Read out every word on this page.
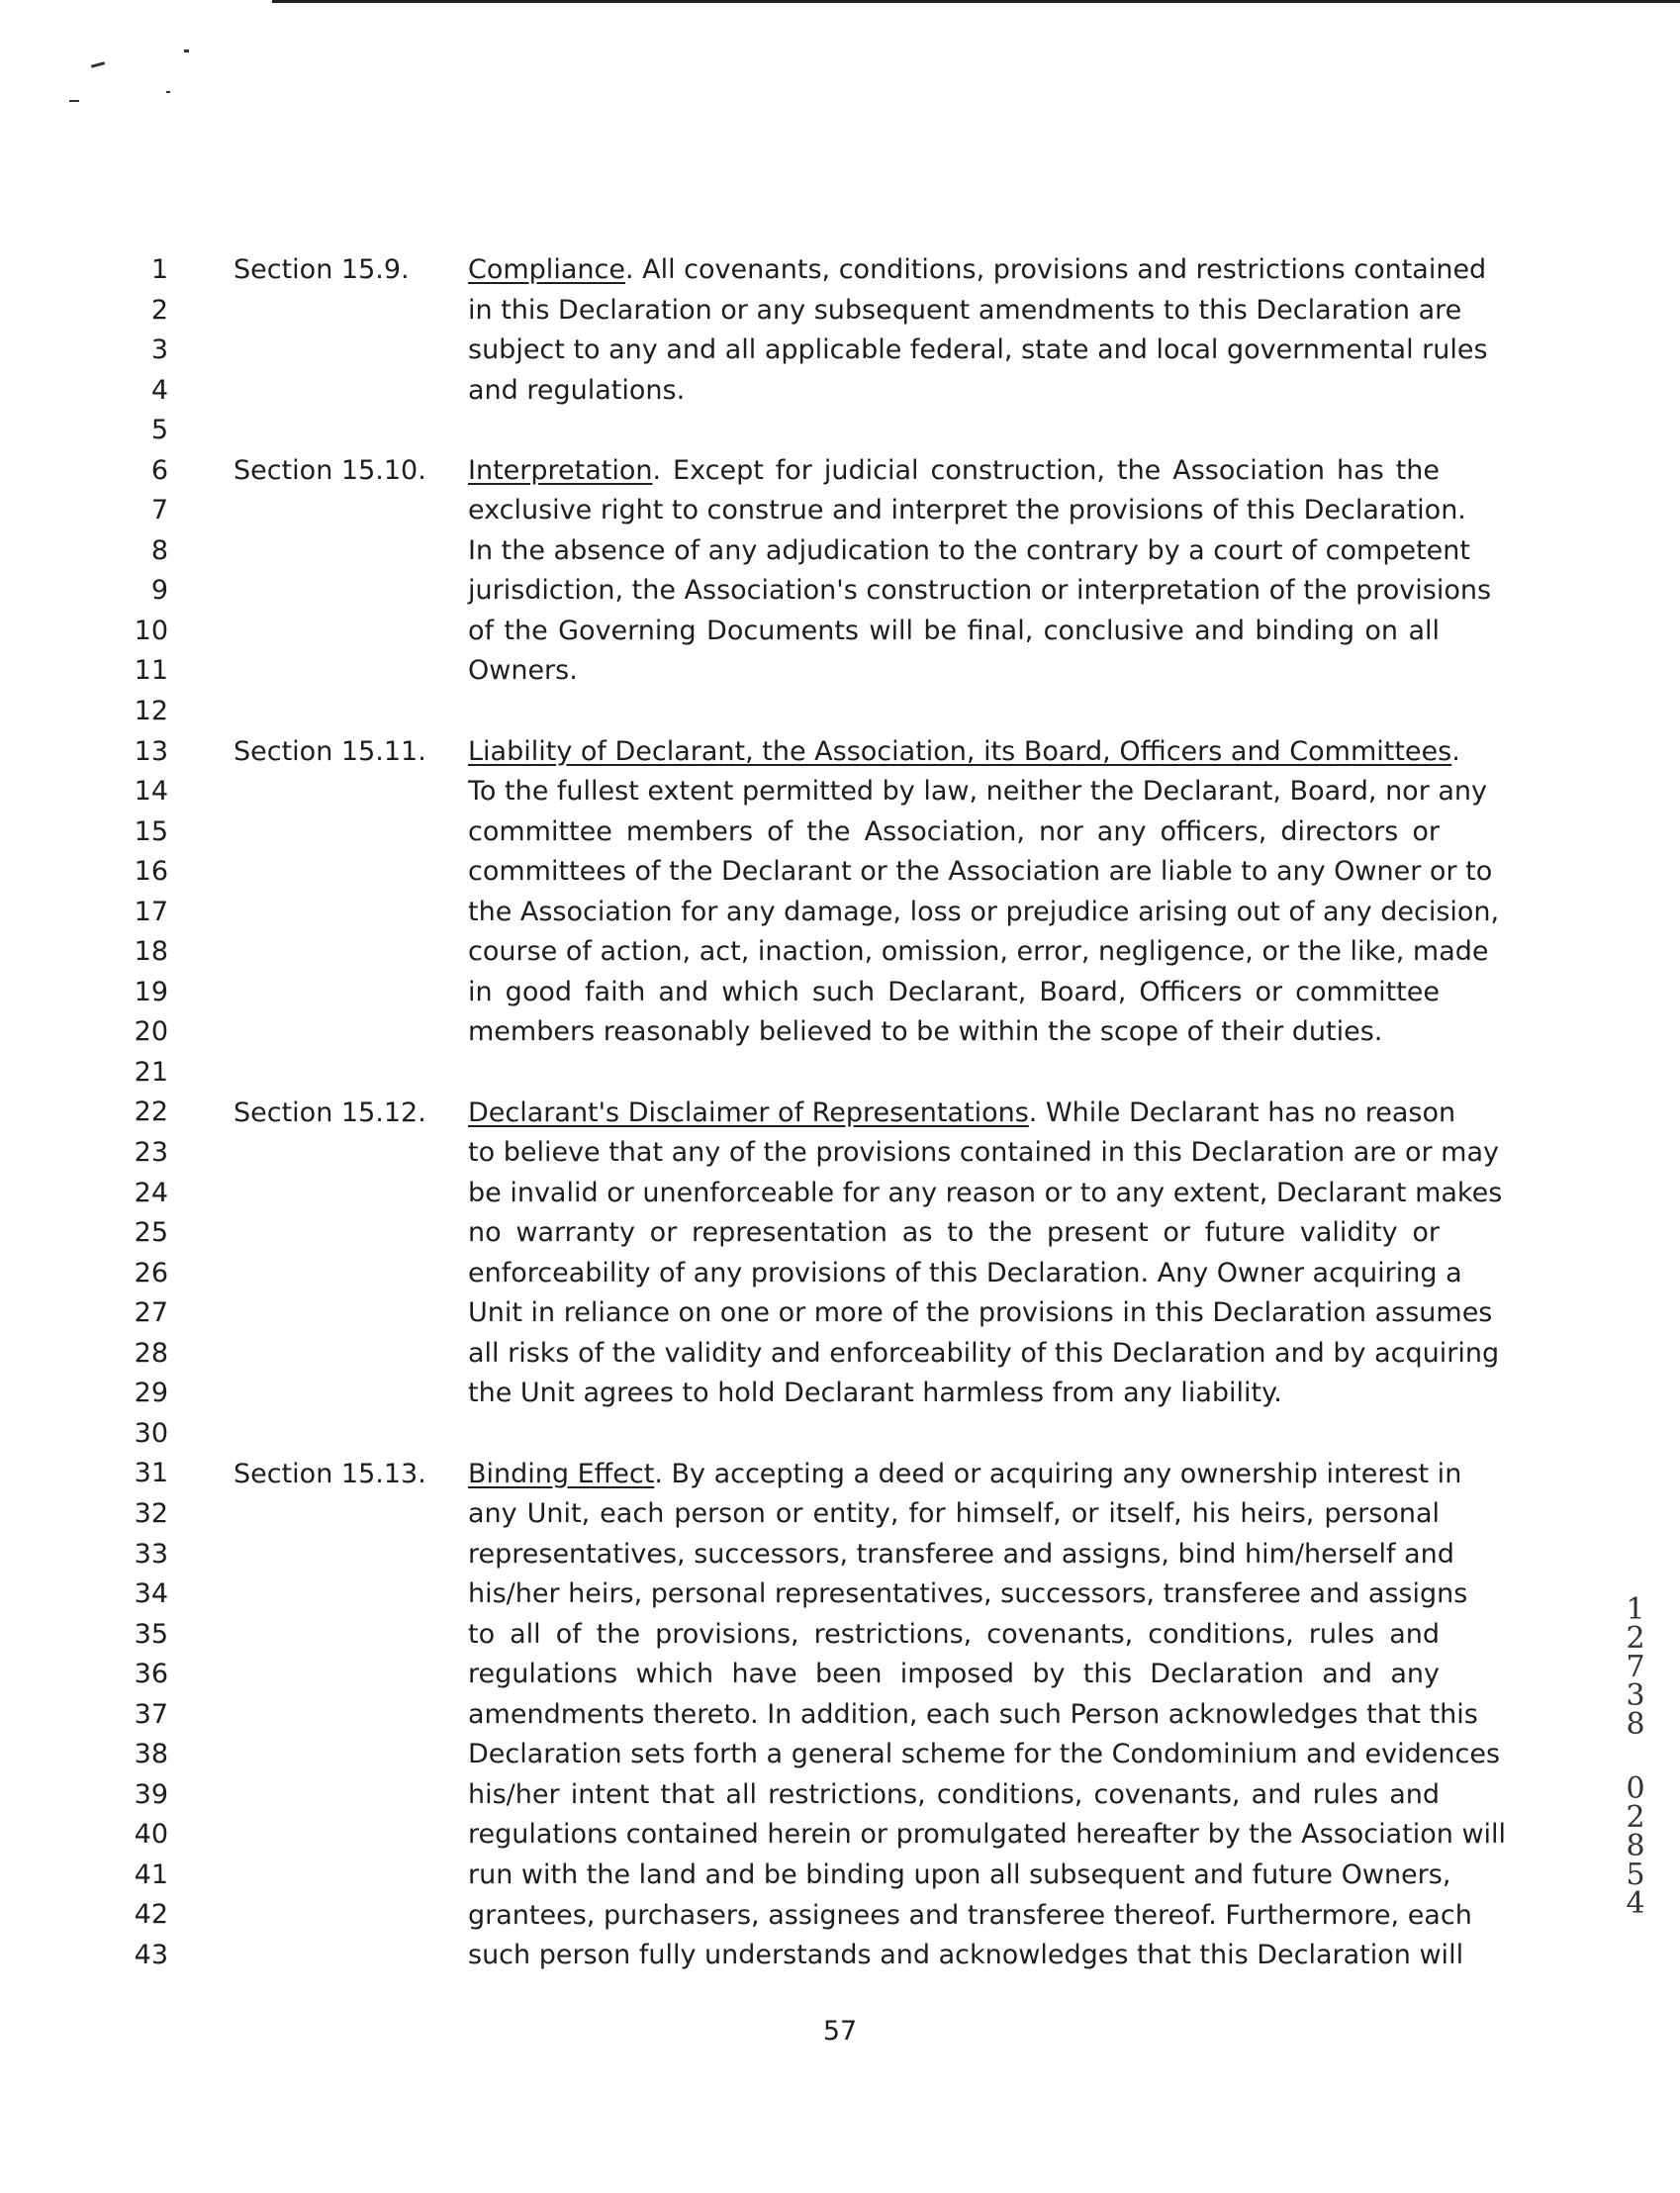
1
2
3
4
5
6
7
8
9
10
11
12
13
14
15
16
17
18
19
20
21
22
23
24
25
26
27
28
29
30
31
32
33
34
35
36
37
38
39
40
41
42
43
Section 15.9. Compliance. All covenants, conditions, provisions and restrictions contained
in this Declaration or any subsequent amendments to this Declaration are
subject to any and all applicable federal, state and local governmental rules
and regulations.
Section 15.10. Interpretation. Except for judicial construction, the Association has the
exclusive right to construe and interpret the provisions of this Declaration.
In the absence of any adjudication to the contrary by a court of competent
jurisdiction, the Association's construction or interpretation of the provisions
of the Governing Documents will be final, conclusive and binding on all
Owners.
Section 15.11. Liability of Declarant, the Association, its Board, Officers and Committees.
To the fullest extent permitted by law, neither the Declarant, Board, nor any
committee members of the Association, nor any officers, directors or
committees of the Declarant or the Association are liable to any Owner or to
the Association for any damage, loss or prejudice arising out of any decision,
course of action, act, inaction, omission, error, negligence, or the like, made
in good faith and which such Declarant, Board, Officers or committee
members reasonably believed to be within the scope of their duties.
Section 15.12. Declarant's Disclaimer of Representations. While Declarant has no reason
to believe that any of the provisions contained in this Declaration are or may
be invalid or unenforceable for any reason or to any extent, Declarant makes
no warranty or representation as to the present or future validity or
enforceability of any provisions of this Declaration. Any Owner acquiring a
Unit in reliance on one or more of the provisions in this Declaration assumes
all risks of the validity and enforceability of this Declaration and by acquiring
the Unit agrees to hold Declarant harmless from any liability.
Section 15.13. Binding Effect. By accepting a deed or acquiring any ownership interest in
any Unit, each person or entity, for himself, or itself, his heirs, personal
representatives, successors, transferee and assigns, bind him/herself and
his/her heirs, personal representatives, successors, transferee and assigns
to all of the provisions, restrictions, covenants, conditions, rules and
regulations which have been imposed by this Declaration and any
amendments thereto. In addition, each such Person acknowledges that this
Declaration sets forth a general scheme for the Condominium and evidences
his/her intent that all restrictions, conditions, covenants, and rules and
regulations contained herein or promulgated hereafter by the Association will
run with the land and be binding upon all subsequent and future Owners,
grantees, purchasers, assignees and transferee thereof. Furthermore, each
such person fully understands and acknowledges that this Declaration will
57
1
2
7
3
8
0
2
8
5
4
